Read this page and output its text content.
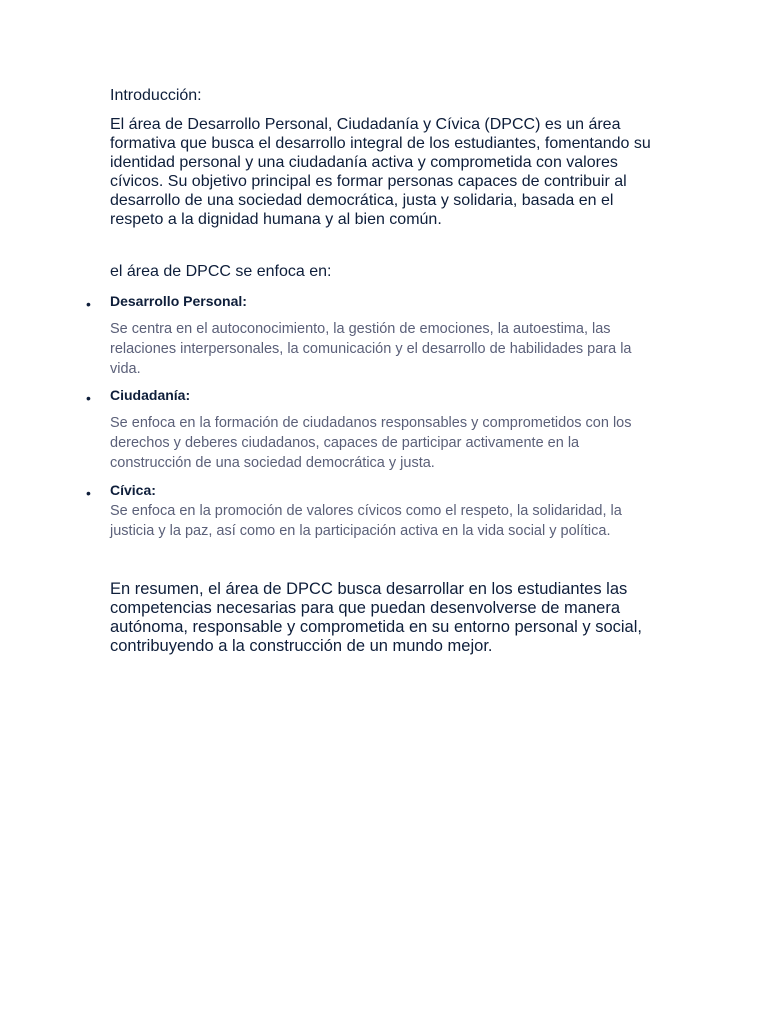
Introducción:
El área de Desarrollo Personal, Ciudadanía y Cívica (DPCC) es un área formativa que busca el desarrollo integral de los estudiantes, fomentando su identidad personal y una ciudadanía activa y comprometida con valores cívicos. Su objetivo principal es formar personas capaces de contribuir al desarrollo de una sociedad democrática, justa y solidaria, basada en el respeto a la dignidad humana y al bien común.
el área de DPCC se enfoca en:
• Desarrollo Personal:
Se centra en el autoconocimiento, la gestión de emociones, la autoestima, las relaciones interpersonales, la comunicación y el desarrollo de habilidades para la vida.
• Ciudadanía:
Se enfoca en la formación de ciudadanos responsables y comprometidos con los derechos y deberes ciudadanos, capaces de participar activamente en la construcción de una sociedad democrática y justa.
• Cívica:
Se enfoca en la promoción de valores cívicos como el respeto, la solidaridad, la justicia y la paz, así como en la participación activa en la vida social y política.
En resumen, el área de DPCC busca desarrollar en los estudiantes las competencias necesarias para que puedan desenvolverse de manera autónoma, responsable y comprometida en su entorno personal y social, contribuyendo a la construcción de un mundo mejor.
